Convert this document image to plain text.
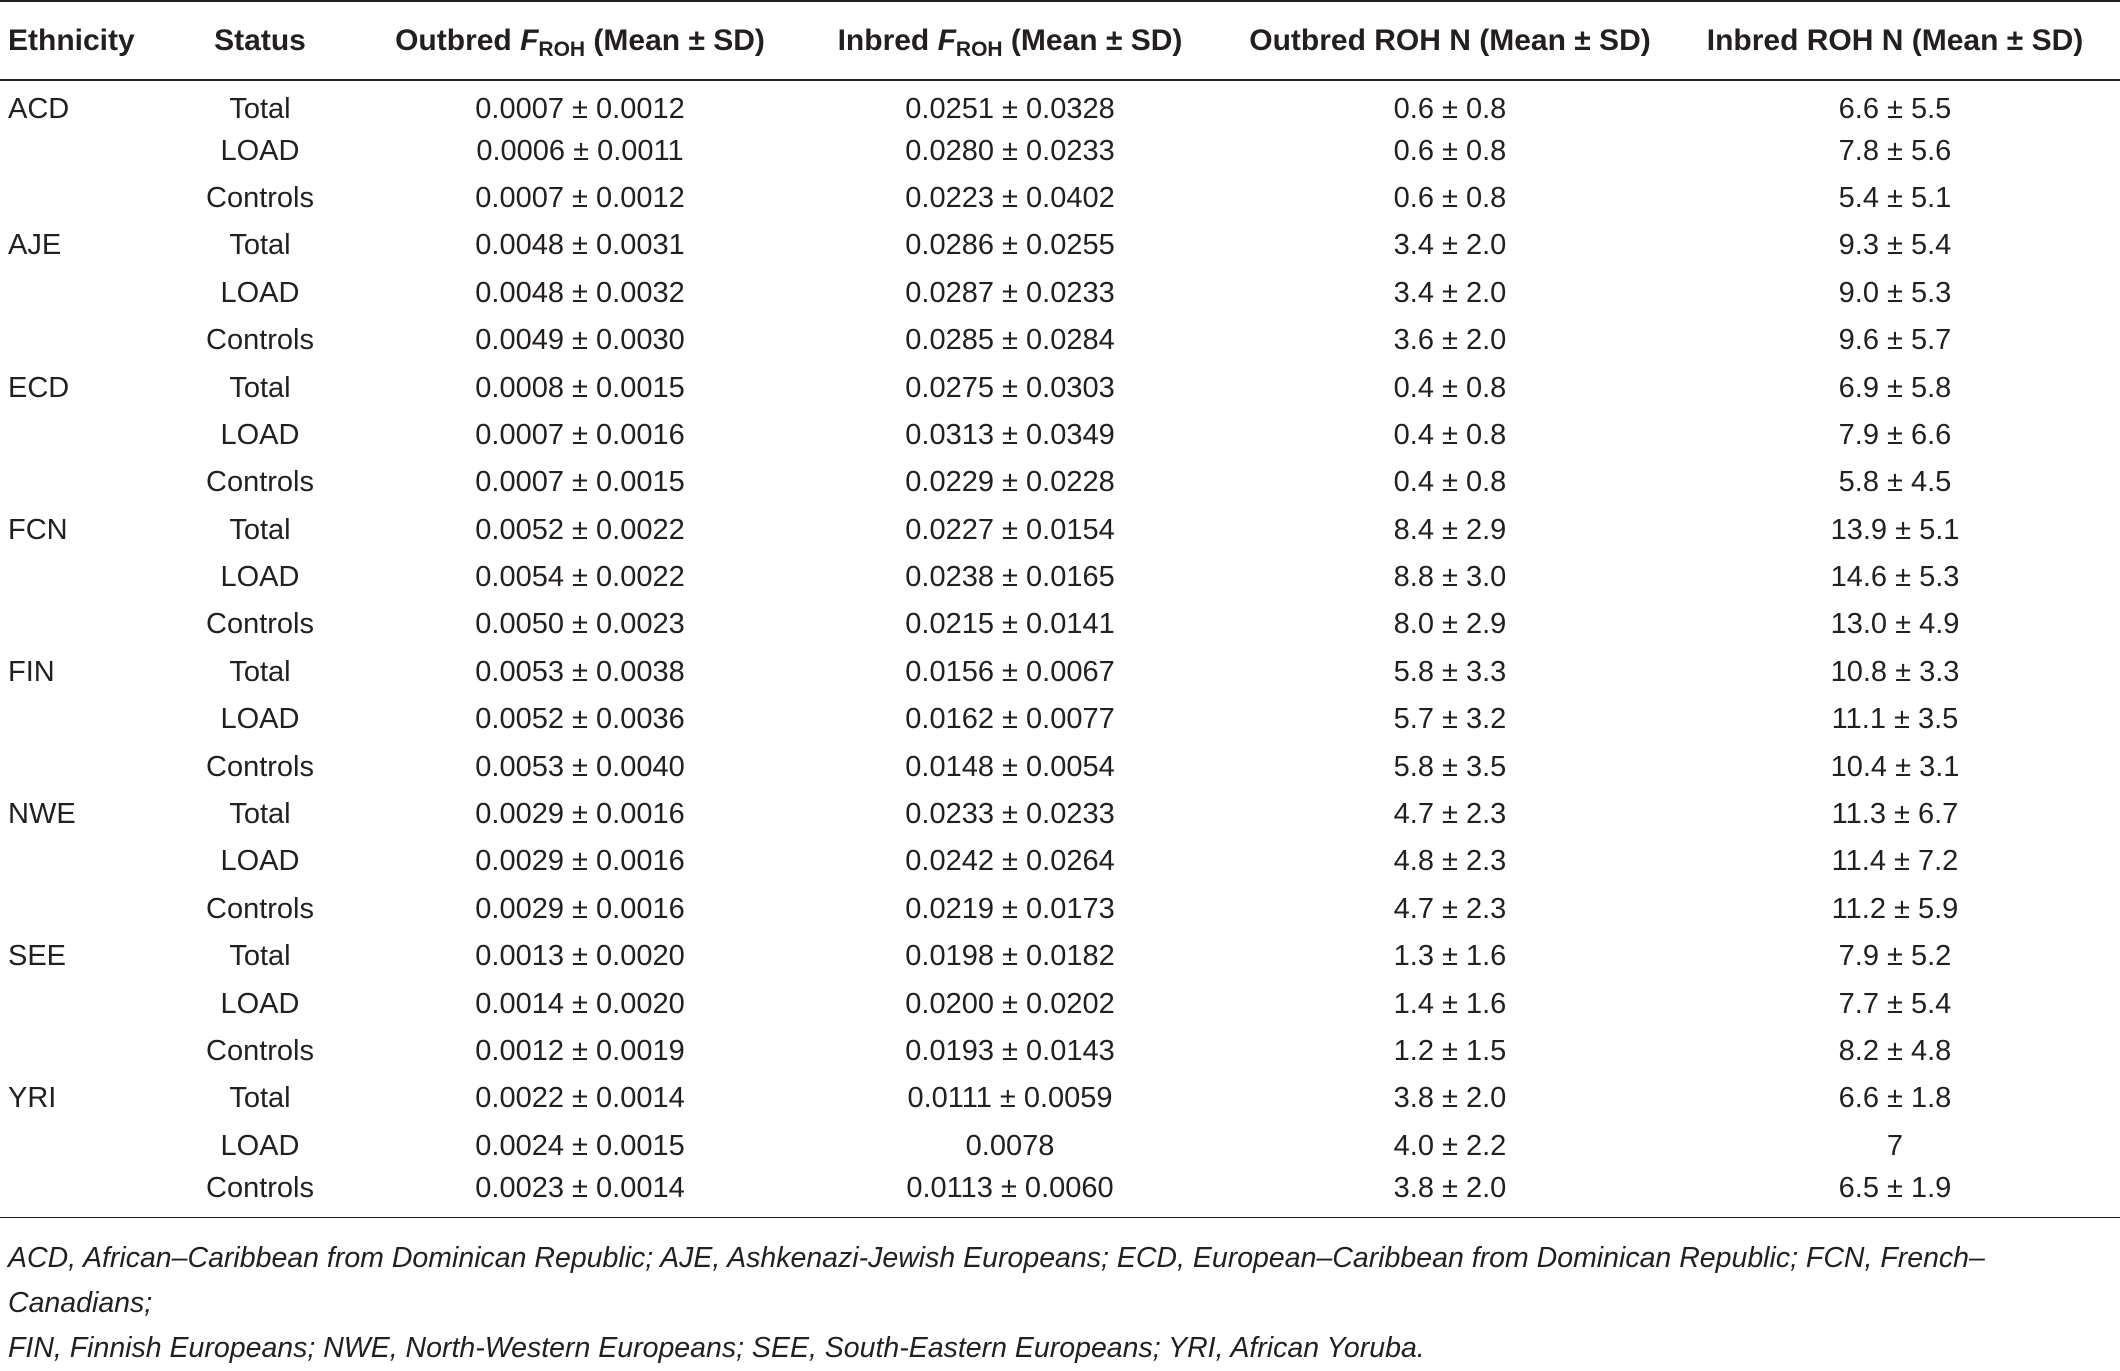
Ethnicity	Status	Outbred $F_{ROH}$ (Mean ± SD)	Inbred $F_{ROH}$ (Mean ± SD)	Outbred ROH N (Mean ± SD)	Inbred ROH N (Mean ± SD)
ACD	Total	0.0007 ± 0.0012	0.0251 ± 0.0328	0.6 ± 0.8	6.6 ± 5.5
	LOAD	0.0006 ± 0.0011	0.0280 ± 0.0233	0.6 ± 0.8	7.8 ± 5.6
	Controls	0.0007 ± 0.0012	0.0223 ± 0.0402	0.6 ± 0.8	5.4 ± 5.1
AJE	Total	0.0048 ± 0.0031	0.0286 ± 0.0255	3.4 ± 2.0	9.3 ± 5.4
	LOAD	0.0048 ± 0.0032	0.0287 ± 0.0233	3.4 ± 2.0	9.0 ± 5.3
	Controls	0.0049 ± 0.0030	0.0285 ± 0.0284	3.6 ± 2.0	9.6 ± 5.7
ECD	Total	0.0008 ± 0.0015	0.0275 ± 0.0303	0.4 ± 0.8	6.9 ± 5.8
	LOAD	0.0007 ± 0.0016	0.0313 ± 0.0349	0.4 ± 0.8	7.9 ± 6.6
	Controls	0.0007 ± 0.0015	0.0229 ± 0.0228	0.4 ± 0.8	5.8 ± 4.5
FCN	Total	0.0052 ± 0.0022	0.0227 ± 0.0154	8.4 ± 2.9	13.9 ± 5.1
	LOAD	0.0054 ± 0.0022	0.0238 ± 0.0165	8.8 ± 3.0	14.6 ± 5.3
	Controls	0.0050 ± 0.0023	0.0215 ± 0.0141	8.0 ± 2.9	13.0 ± 4.9
FIN	Total	0.0053 ± 0.0038	0.0156 ± 0.0067	5.8 ± 3.3	10.8 ± 3.3
	LOAD	0.0052 ± 0.0036	0.0162 ± 0.0077	5.7 ± 3.2	11.1 ± 3.5
	Controls	0.0053 ± 0.0040	0.0148 ± 0.0054	5.8 ± 3.5	10.4 ± 3.1
NWE	Total	0.0029 ± 0.0016	0.0233 ± 0.0233	4.7 ± 2.3	11.3 ± 6.7
	LOAD	0.0029 ± 0.0016	0.0242 ± 0.0264	4.8 ± 2.3	11.4 ± 7.2
	Controls	0.0029 ± 0.0016	0.0219 ± 0.0173	4.7 ± 2.3	11.2 ± 5.9
SEE	Total	0.0013 ± 0.0020	0.0198 ± 0.0182	1.3 ± 1.6	7.9 ± 5.2
	LOAD	0.0014 ± 0.0020	0.0200 ± 0.0202	1.4 ± 1.6	7.7 ± 5.4
	Controls	0.0012 ± 0.0019	0.0193 ± 0.0143	1.2 ± 1.5	8.2 ± 4.8
YRI	Total	0.0022 ± 0.0014	0.0111 ± 0.0059	3.8 ± 2.0	6.6 ± 1.8
	LOAD	0.0024 ± 0.0015	0.0078	4.0 ± 2.2	7
	Controls	0.0023 ± 0.0014	0.0113 ± 0.0060	3.8 ± 2.0	6.5 ± 1.9
ACD, African–Caribbean from Dominican Republic; AJE, Ashkenazi-Jewish Europeans; ECD, European–Caribbean from Dominican Republic; FCN, French–Canadians;
FIN, Finnish Europeans; NWE, North-Western Europeans; SEE, South-Eastern Europeans; YRI, African Yoruba.
